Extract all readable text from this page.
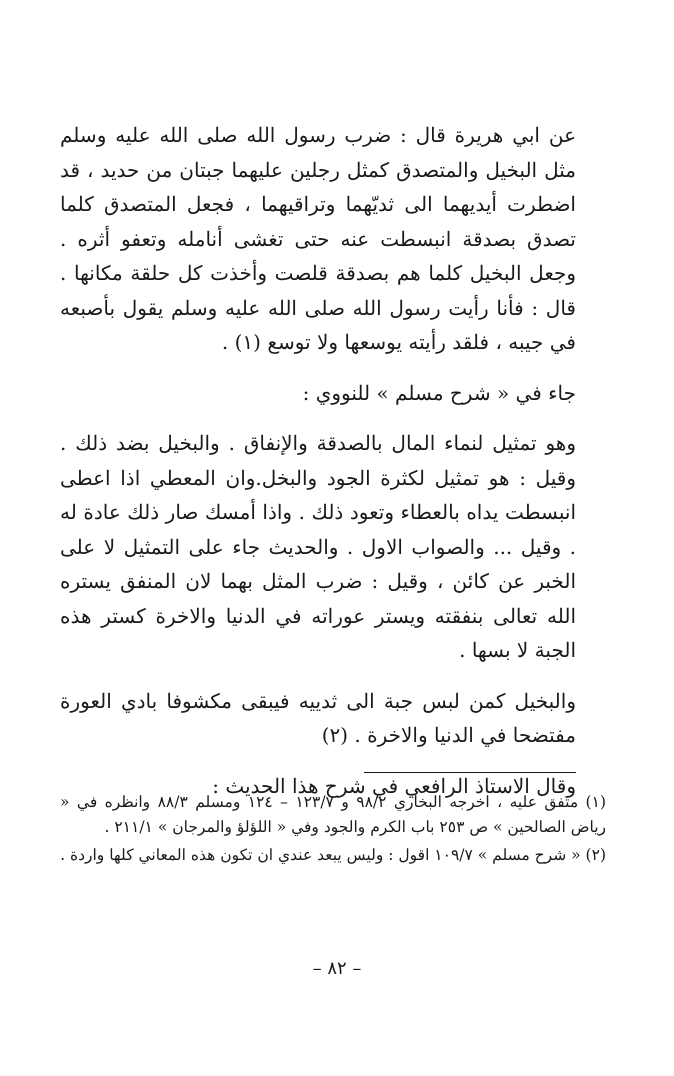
عن ابي هريرة قال : ضرب رسول الله صلى الله عليه وسلم مثل البخيل والمتصدق كمثل رجلين عليهما جبتان من حديد ، قد اضطرت أيديهما الى ثديّهما وتراقيهما ، فجعل المتصدق كلما تصدق بصدقة انبسطت عنه حتى تغشى أنامله وتعفو أثره . وجعل البخيل كلما هم بصدقة قلصت وأخذت كل حلقة مكانها . قال : فأنا رأيت رسول الله صلى الله عليه وسلم يقول بأصبعه في جيبه ، فلقد رأيته يوسعها ولا توسع (١) .

جاء في « شرح مسلم » للنووي :

وهو تمثيل لنماء المال بالصدقة والإنفاق . والبخيل بضد ذلك . وقيل : هو تمثيل لكثرة الجود والبخل.وان المعطي اذا اعطى انبسطت يداه بالعطاء وتعود ذلك . واذا أمسك صار ذلك عادة له . وقيل ... والصواب الاول . والحديث جاء على التمثيل لا على الخبر عن كائن ، وقيل : ضرب المثل بهما لان المنفق يستره الله تعالى بنفقته ويستر عوراته في الدنيا والاخرة كستر هذه الجبة لا بسها .

والبخيل كمن لبس جبة الى ثدييه فيبقى مكشوفا بادي العورة مفتضحا في الدنيا والاخرة . (٢)

وقال الاستاذ الرافعي في شرح هذا الحديث :

(١) متفق عليه ، اخرجه البخاري ٩٨/٢ و ١٢٣/٧ – ١٢٤ ومسلم ٨٨/٣ وانظره في « رياض الصالحين » ص ٢٥٣ باب الكرم والجود وفي « اللؤلؤ والمرجان » ٢١١/١ .

(٢) « شرح مسلم » ١٠٩/٧ اقول : وليس يبعد عندي ان تكون هذه المعاني كلها واردة .

– ٨٢ –
